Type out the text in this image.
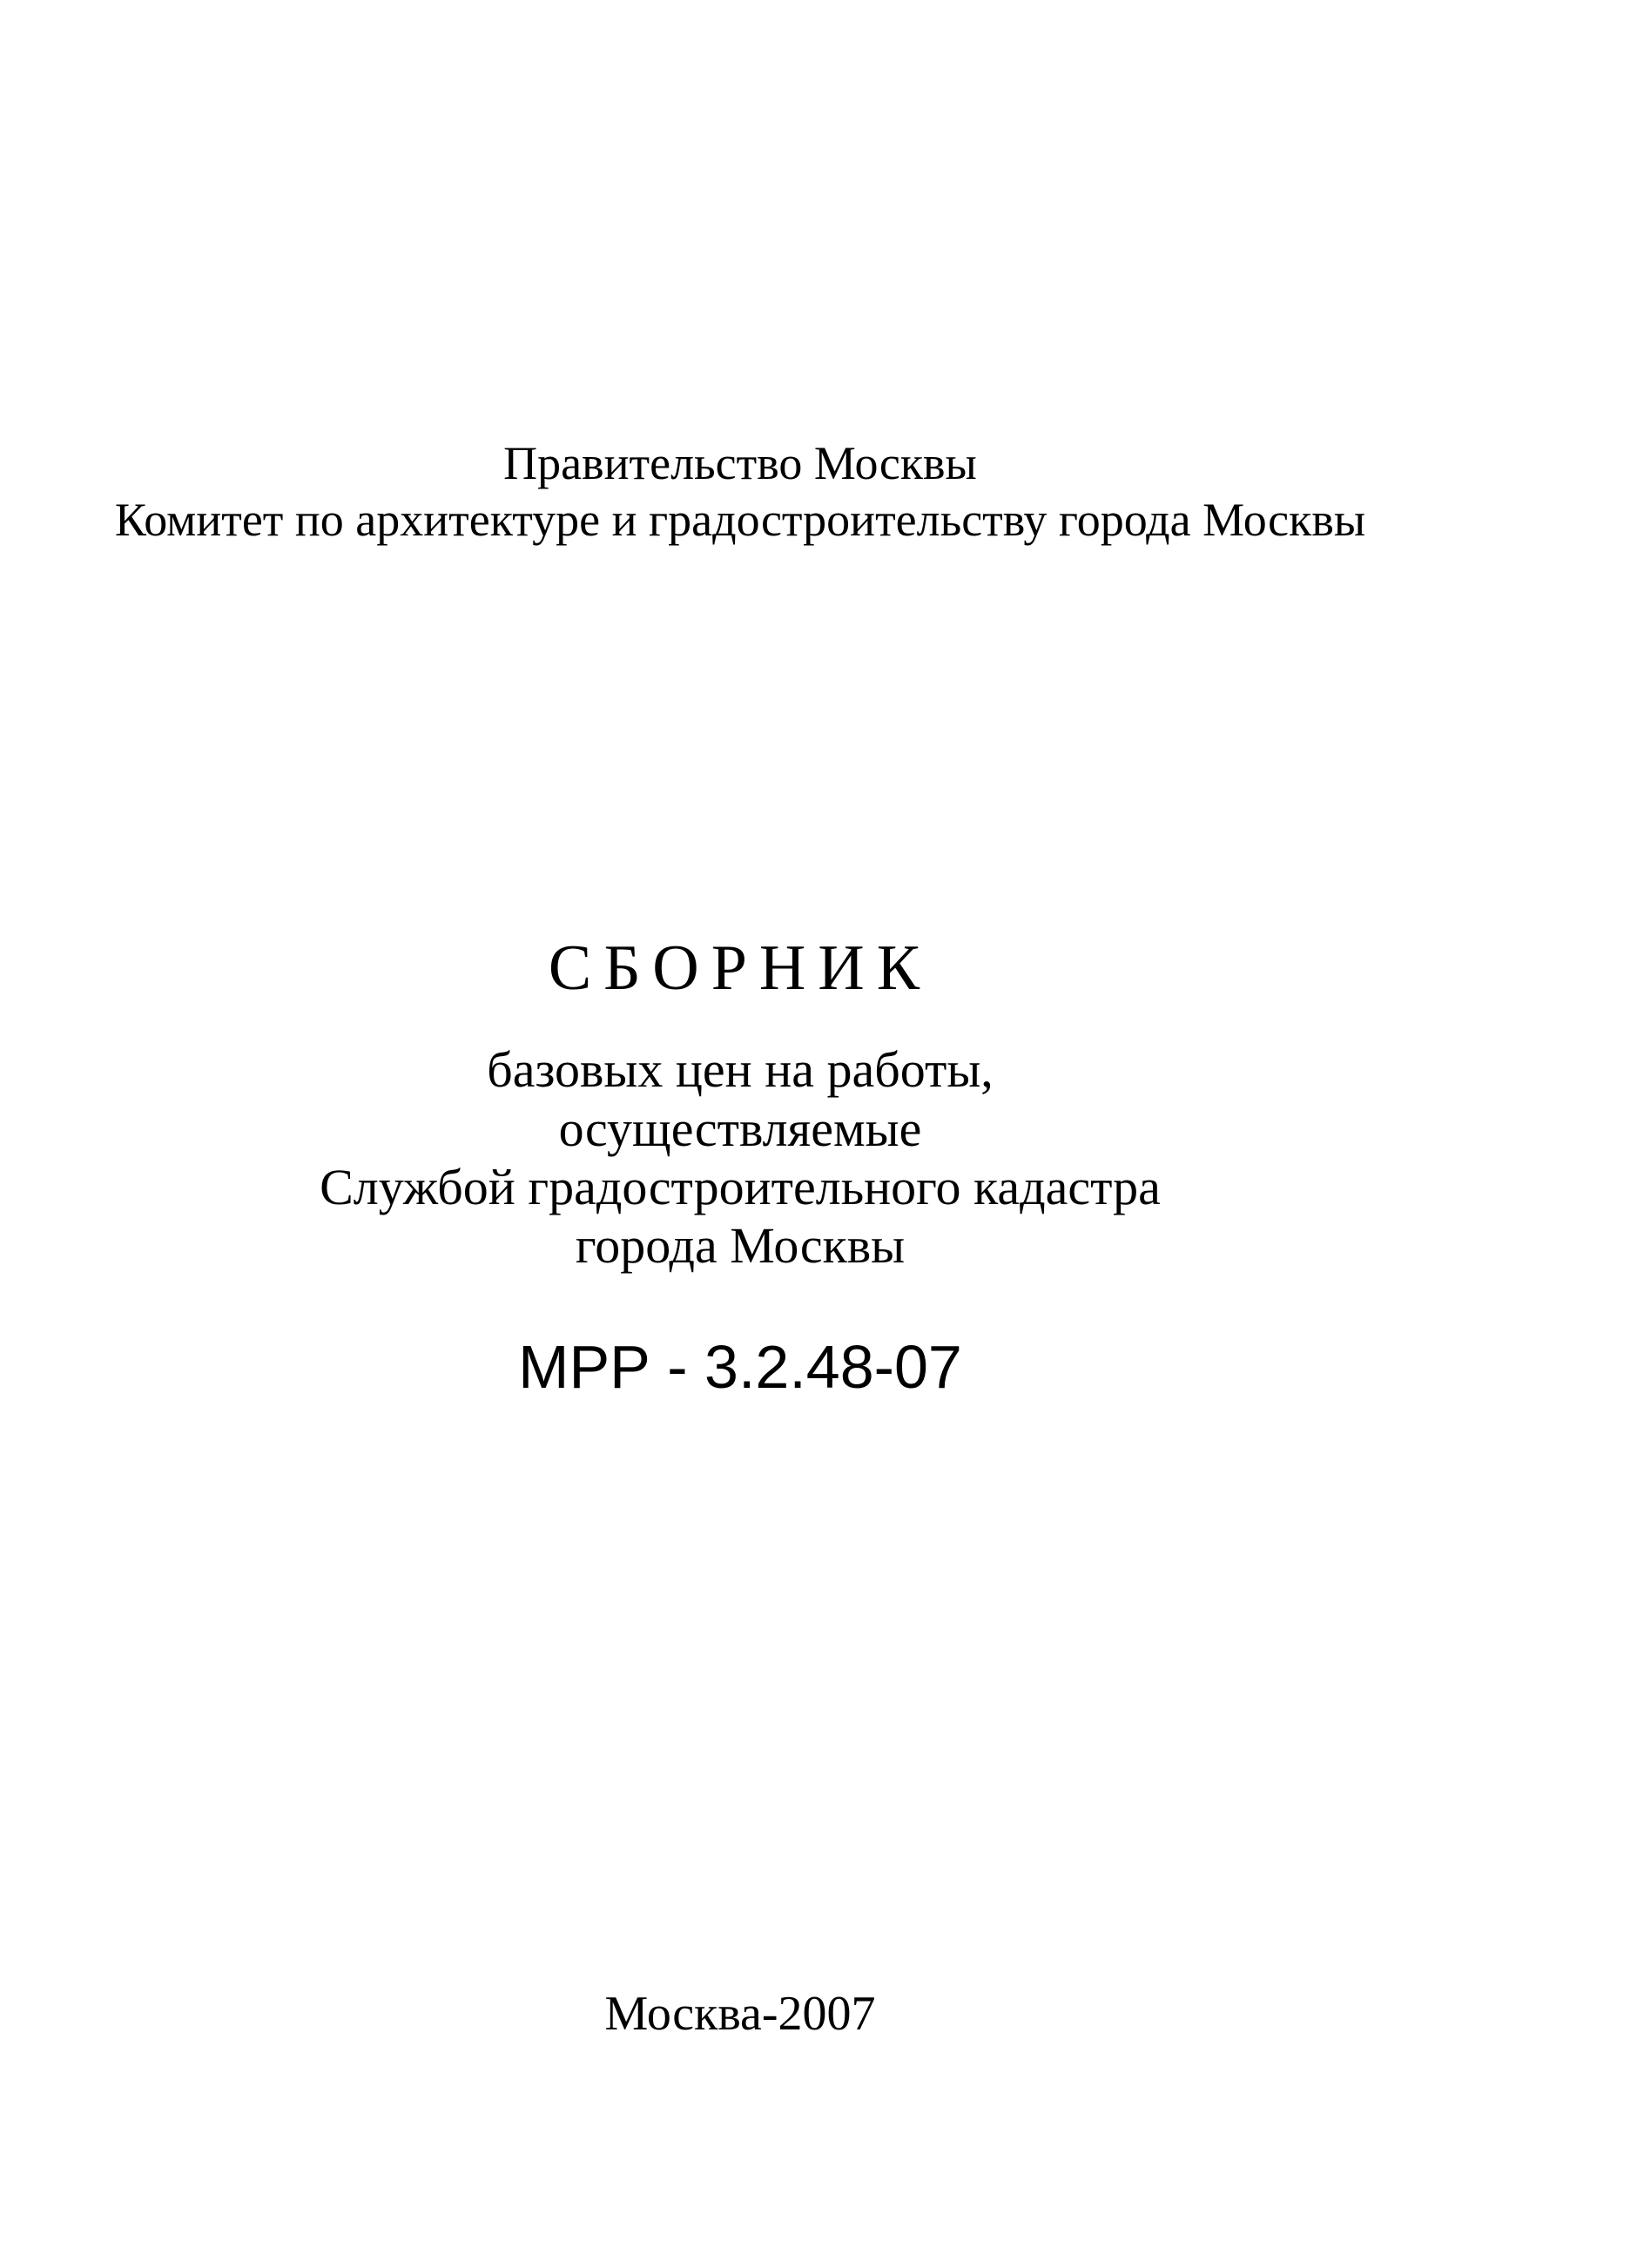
Правительство Москвы
Комитет по архитектуре и градостроительству города Москвы
СБОРНИК
базовых цен на работы,
осуществляемые
Службой градостроительного кадастра
города Москвы
МРР - 3.2.48-07
Москва-2007
